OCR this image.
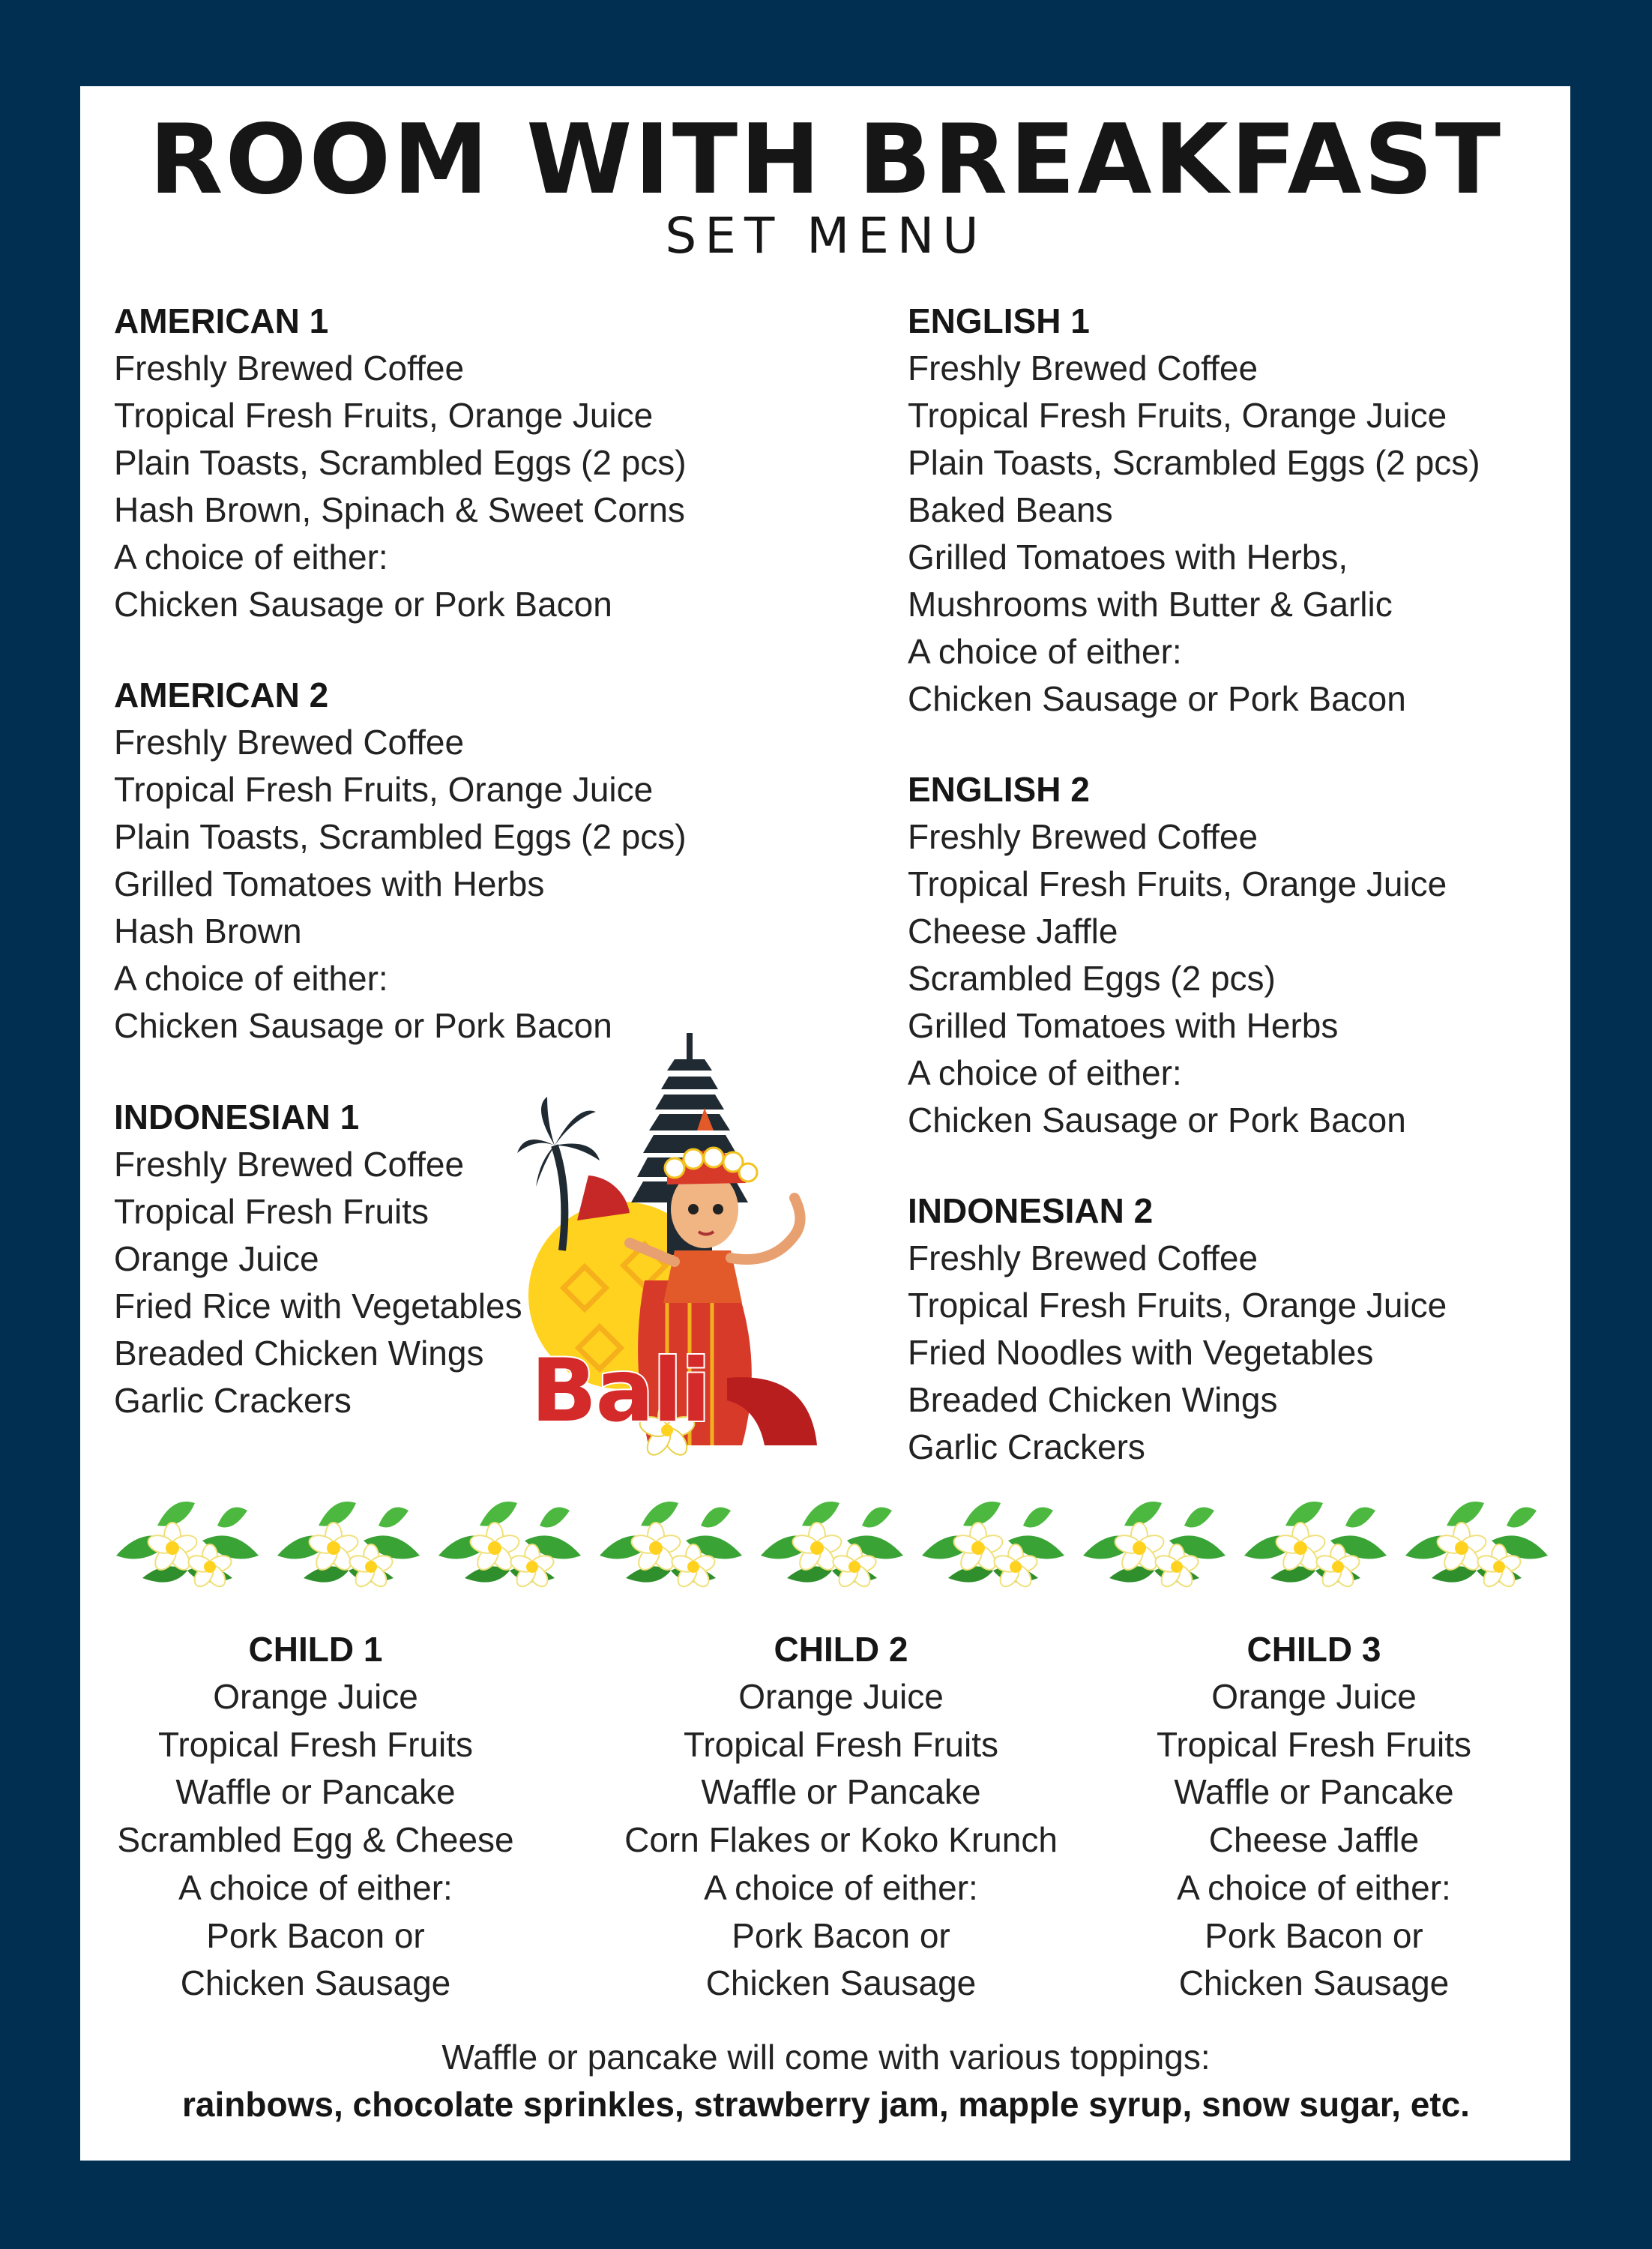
ROOM WITH BREAKFAST
SET MENU
AMERICAN 1
Freshly Brewed Coffee
Tropical Fresh Fruits, Orange Juice
Plain Toasts, Scrambled Eggs (2 pcs)
Hash Brown, Spinach & Sweet Corns
A choice of either:
Chicken Sausage or Pork Bacon
AMERICAN 2
Freshly Brewed Coffee
Tropical Fresh Fruits, Orange Juice
Plain Toasts, Scrambled Eggs (2 pcs)
Grilled Tomatoes with Herbs
Hash Brown
A choice of either:
Chicken Sausage or Pork Bacon
INDONESIAN 1
Freshly Brewed Coffee
Tropical Fresh Fruits
Orange Juice
Fried Rice with Vegetables
Breaded Chicken Wings
Garlic Crackers
ENGLISH 1
Freshly Brewed Coffee
Tropical Fresh Fruits, Orange Juice
Plain Toasts, Scrambled Eggs (2 pcs)
Baked Beans
Grilled Tomatoes with Herbs,
Mushrooms with Butter & Garlic
A choice of either:
Chicken Sausage or Pork Bacon
ENGLISH 2
Freshly Brewed Coffee
Tropical Fresh Fruits, Orange Juice
Cheese Jaffle
Scrambled Eggs (2 pcs)
Grilled Tomatoes with Herbs
A choice of either:
Chicken Sausage or Pork Bacon
INDONESIAN 2
Freshly Brewed Coffee
Tropical Fresh Fruits, Orange Juice
Fried Noodles with Vegetables
Breaded Chicken Wings
Garlic Crackers
Bali
CHILD 1
Orange Juice
Tropical Fresh Fruits
Waffle or Pancake
Scrambled Egg & Cheese
A choice of either:
Pork Bacon or
Chicken Sausage
CHILD 2
Orange Juice
Tropical Fresh Fruits
Waffle or Pancake
Corn Flakes or Koko Krunch
A choice of either:
Pork Bacon or
Chicken Sausage
CHILD 3
Orange Juice
Tropical Fresh Fruits
Waffle or Pancake
Cheese Jaffle
A choice of either:
Pork Bacon or
Chicken Sausage
Waffle or pancake will come with various toppings:
rainbows, chocolate sprinkles, strawberry jam, mapple syrup, snow sugar, etc.
